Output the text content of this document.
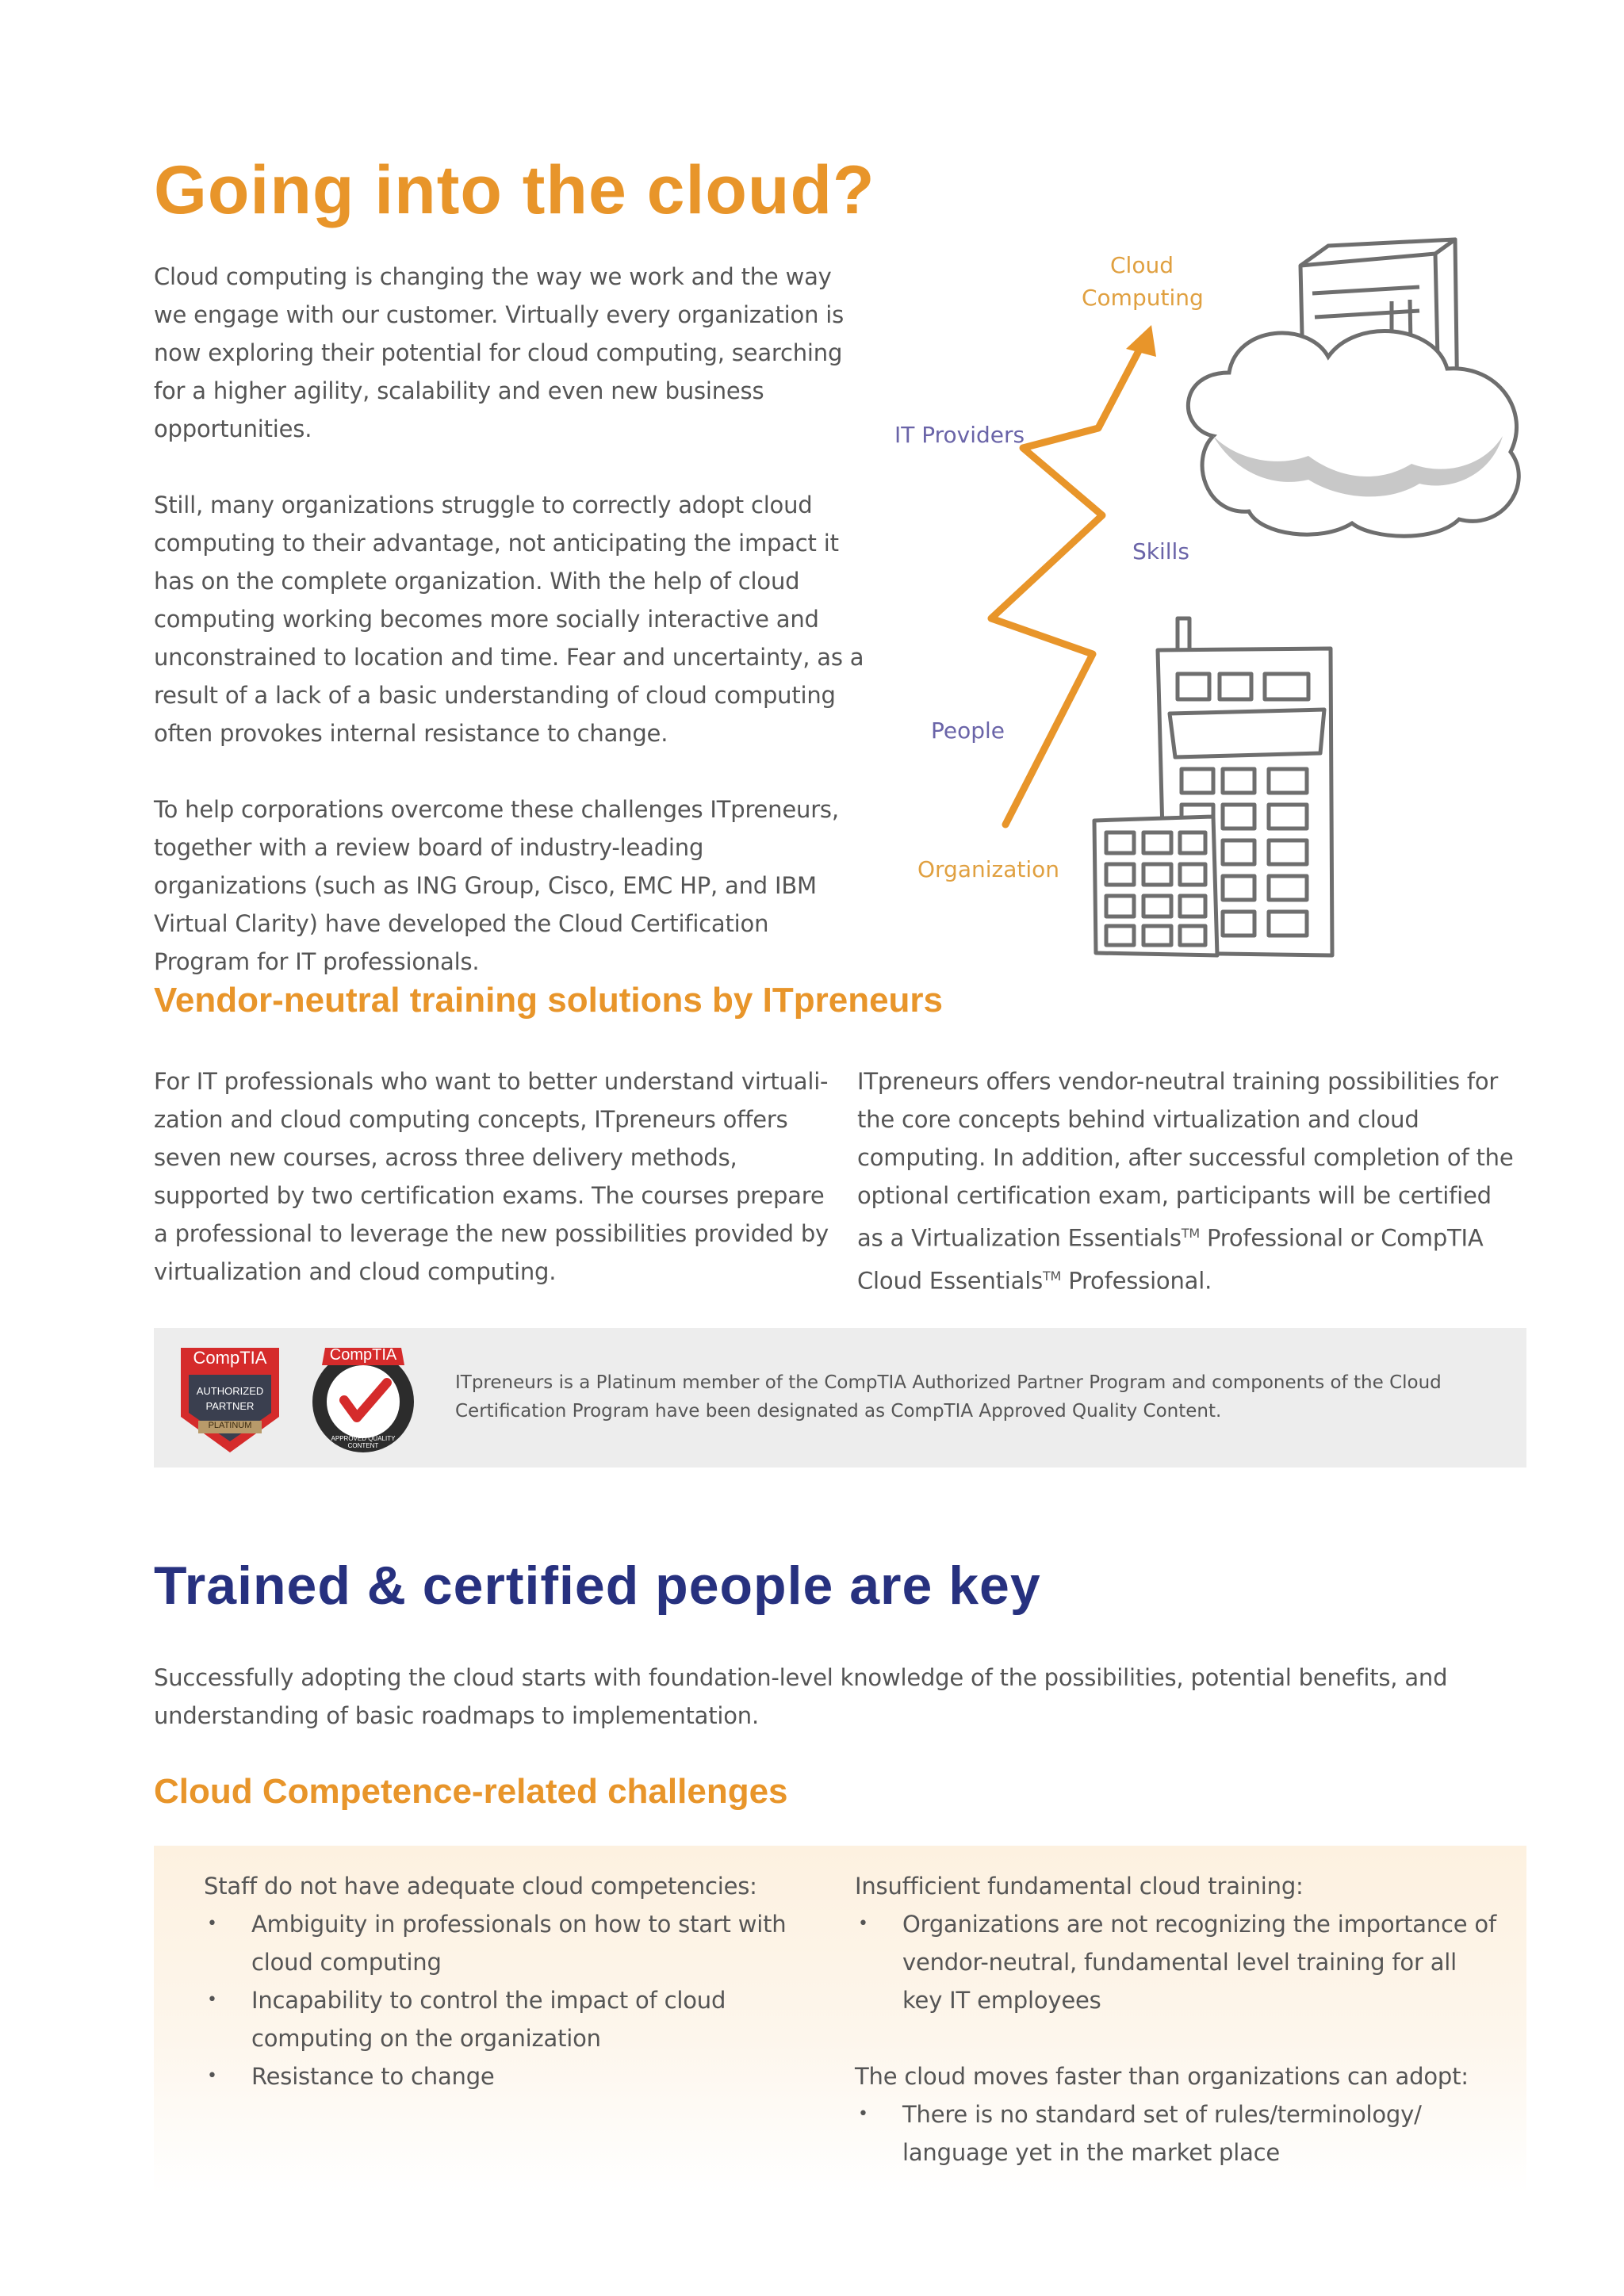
Going into the cloud?

Cloud computing is changing the way we work and the way we engage with our customer. Virtually every organization is now exploring their potential for cloud computing, searching for a higher agility, scalability and even new business opportunities.

Still, many organizations struggle to correctly adopt cloud computing to their advantage, not anticipating the impact it has on the complete organization. With the help of cloud computing working becomes more socially interactive and unconstrained to location and time. Fear and uncertainty, as a result of a lack of a basic understanding of cloud computing often provokes internal resistance to change.

To help corporations overcome these challenges ITpreneurs, together with a review board of industry-leading organizations (such as ING Group, Cisco, EMC HP, and IBM Virtual Clarity) have developed the Cloud Certification Program for IT professionals.

Cloud
Computing
IT Providers
Skills
People
Organization
Vendor-neutral training solutions by ITpreneurs

For IT professionals who want to better understand virtuali-zation and cloud computing concepts, ITpreneurs offers seven new courses, across three delivery methods, supported by two certification exams. The courses prepare a professional to leverage the new possibilities provided by virtualization and cloud computing.

ITpreneurs offers vendor-neutral training possibilities for the core concepts behind virtualization and cloud computing. In addition, after successful completion of the optional certification exam, participants will be certified as a Virtualization Essentials™ Professional or CompTIA Cloud Essentials™ Professional.

CompTIA
AUTHORIZED
PARTNER
PLATINUM
CompTIA
APPROVED QUALITY CONTENT

ITpreneurs is a Platinum member of the CompTIA Authorized Partner Program and components of the Cloud Certification Program have been designated as CompTIA Approved Quality Content.

Trained & certified people are key

Successfully adopting the cloud starts with foundation-level knowledge of the possibilities, potential benefits, and understanding of basic roadmaps to implementation.

Cloud Competence-related challenges

Staff do not have adequate cloud competencies:

• Ambiguity in professionals on how to start with cloud computing
• Incapability to control the impact of cloud computing on the organization
• Resistance to change

Insufficient fundamental cloud training:

• Organizations are not recognizing the importance of vendor-neutral, fundamental level training for all key IT employees

The cloud moves faster than organizations can adopt:

• There is no standard set of rules/terminology/ language yet in the market place
